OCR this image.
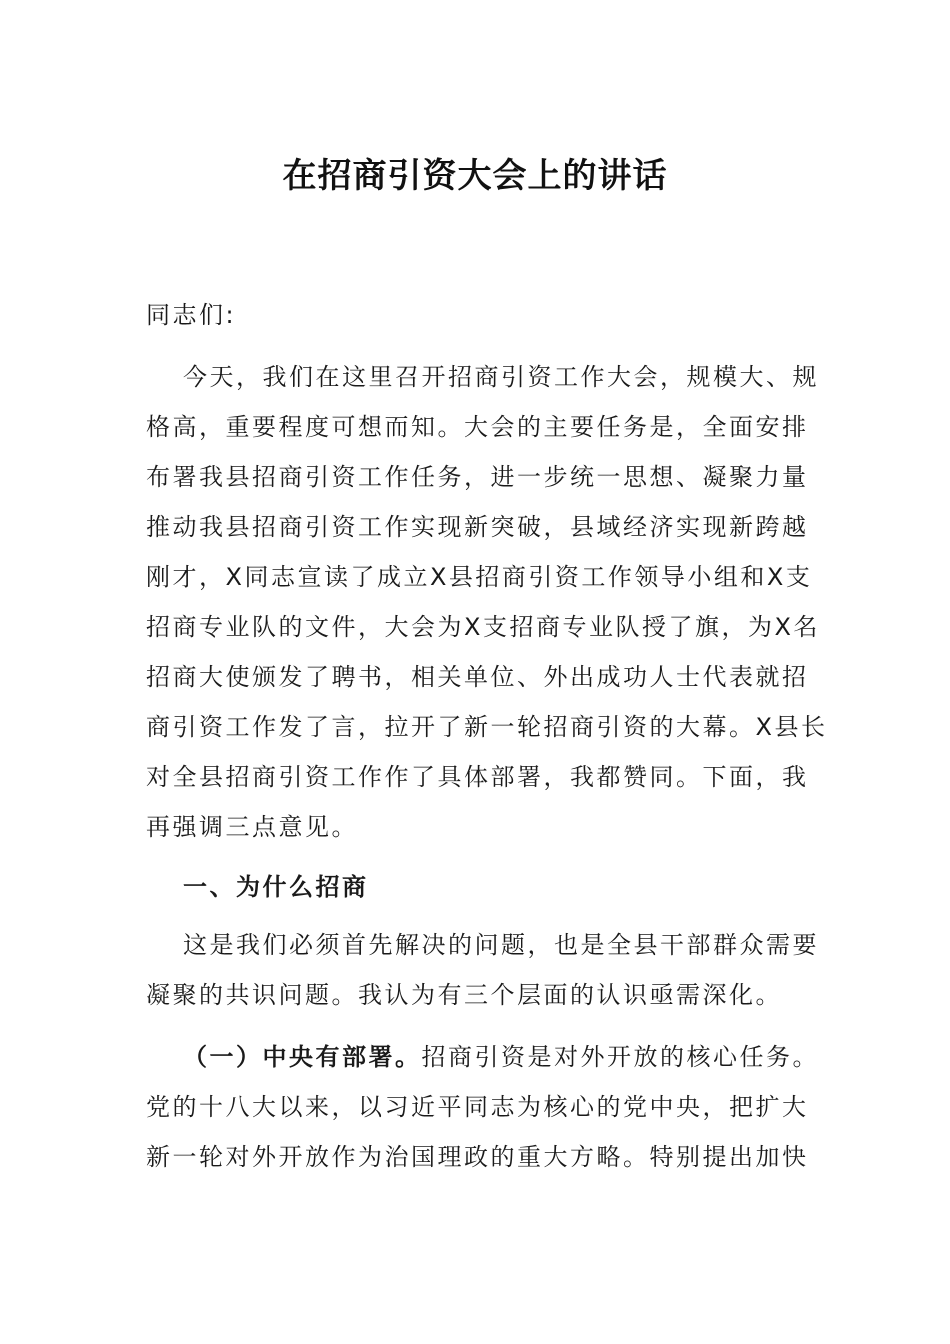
在招商引资大会上的讲话

同志们:

今天，我们在这里召开招商引资工作大会，规模大、规
格高，重要程度可想而知。大会的主要任务是，全面安排
布署我县招商引资工作任务，进一步统一思想、凝聚力量
推动我县招商引资工作实现新突破，县域经济实现新跨越
刚才，X同志宣读了成立X县招商引资工作领导小组和X支
招商专业队的文件，大会为X支招商专业队授了旗，为X名
招商大使颁发了聘书，相关单位、外出成功人士代表就招
商引资工作发了言，拉开了新一轮招商引资的大幕。X县长
对全县招商引资工作作了具体部署，我都赞同。下面，我
再强调三点意见。

一、为什么招商

这是我们必须首先解决的问题，也是全县干部群众需要
凝聚的共识问题。我认为有三个层面的认识亟需深化。
（一）中央有部署。招商引资是对外开放的核心任务。
党的十八大以来，以习近平同志为核心的党中央，把扩大
新一轮对外开放作为治国理政的重大方略。特别提出加快
